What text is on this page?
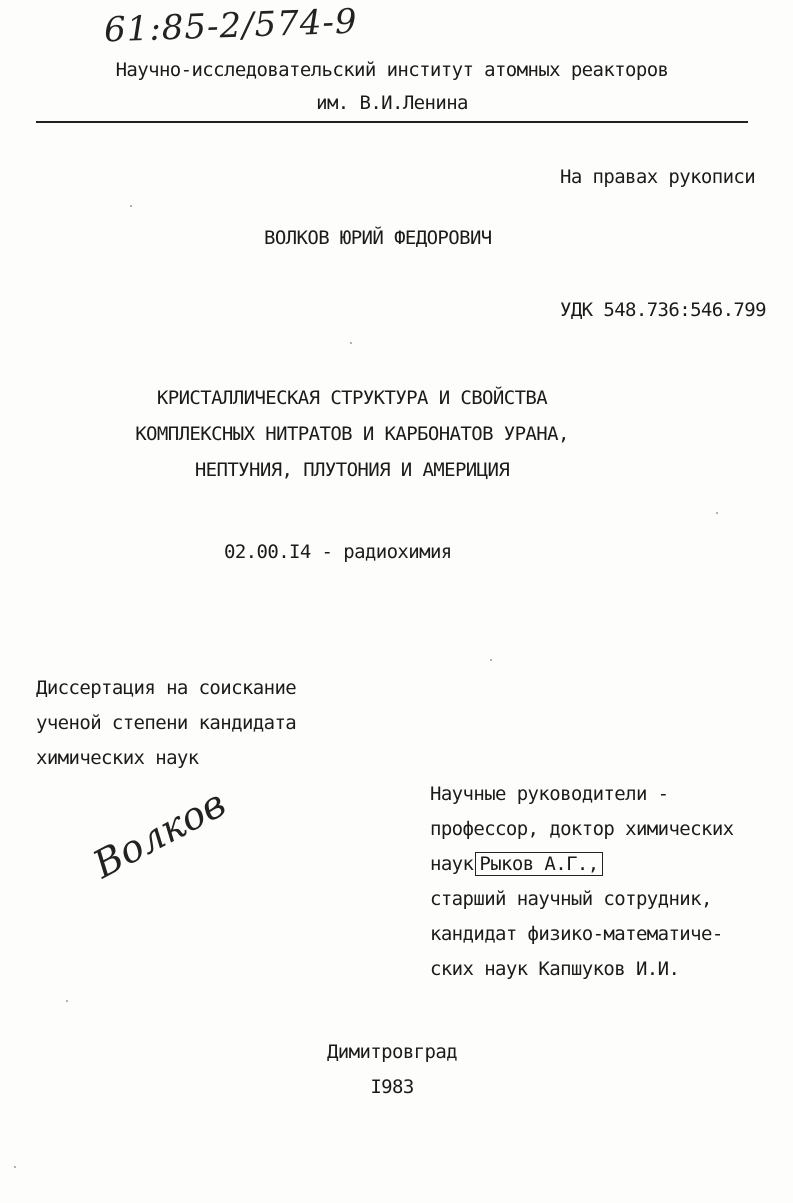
61:85-2/574-9
Научно-исследовательский институт атомных реакторов
им. В.И.Ленина
На правах рукописи
ВОЛКОВ ЮРИЙ ФЕДОРОВИЧ
УДК 548.736:546.799
КРИСТАЛЛИЧЕСКАЯ СТРУКТУРА И СВОЙСТВА
КОМПЛЕКСНЫХ НИТРАТОВ И КАРБОНАТОВ УРАНА,
НЕПТУНИЯ, ПЛУТОНИЯ И АМЕРИЦИЯ
02.00.I4 - радиохимия
Диссертация на соискание
ученой степени кандидата
химических наук
Научные руководители -
профессор, доктор химических
наук Рыков А.Г.,
старший научный сотрудник,
кандидат физико-математиче-
ских наук Капшуков И.И.
Волков
Димитровград
I983
